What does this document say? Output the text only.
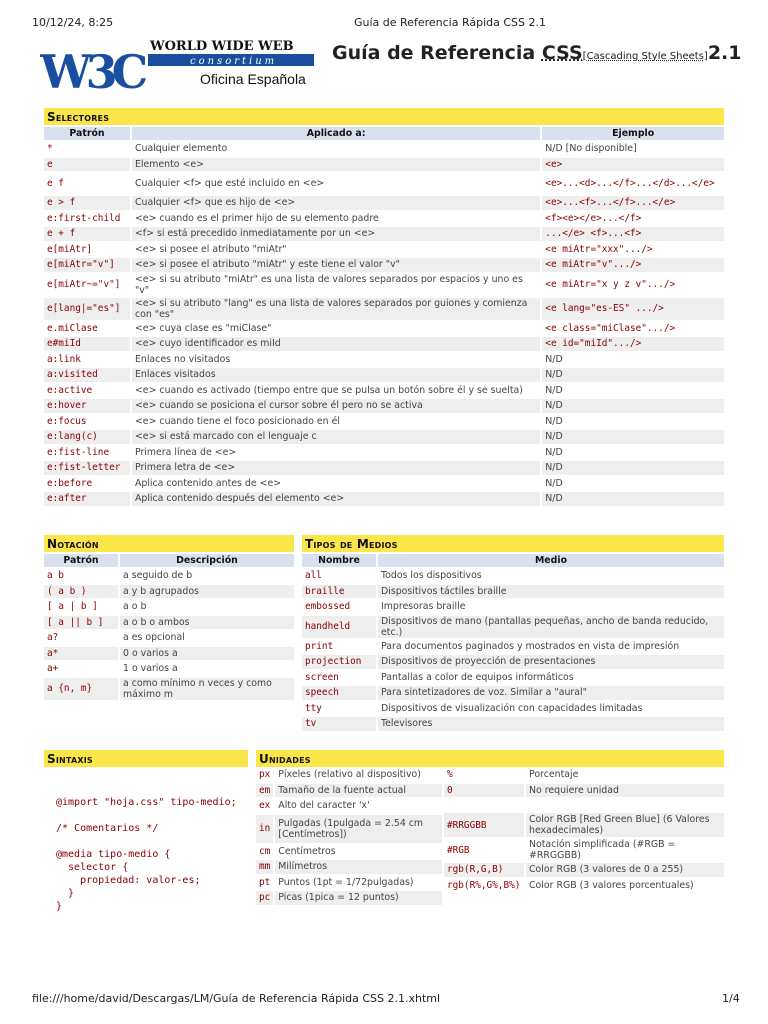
10/12/24, 8:25	Guía de Referencia Rápida CSS 2.1
W3C WORLD WIDE WEB
consortium
Oficina Española
Guía de Referencia CSS[Cascading Style Sheets]2.1
Selectores
Patrón	Aplicado a:	Ejemplo
*	Cualquier elemento	N/D [No disponible]
e	Elemento <e>	<e>
e f	Cualquier <f> que esté incluido en <e>	<e>...<d>...</f>...</d>...</e>
e > f	Cualquier <f> que es hijo de <e>	<e>...<f>...</f>...</e>
e:first-child	<e> cuando es el primer hijo de su elemento padre	<f><e></e>...</f>
e + f	<f> si está precedido inmediatamente por un <e>	...</e> <f>...<f>
e[miAtr]	<e> si posee el atributo "miAtr"	<e miAtr="xxx".../>
e[miAtr="v"]	<e> si posee el atributo "miAtr" y este tiene el valor "v"	<e miAtr="v".../>
e[miAtr~="v"]	<e> si su atributo "miAtr" es una lista de valores separados por espacios y uno es "v"	<e miAtr="x y z v".../>
e[lang|="es"]	<e> si su atributo "lang" es una lista de valores separados por guiones y comienza con "es"	<e lang="es-ES" .../>
e.miClase	<e> cuya clase es "miClase"	<e class="miClase".../>
e#miId	<e> cuyo identificador es miId	<e id="miId".../>
a:link	Enlaces no visitados	N/D
a:visited	Enlaces visitados	N/D
e:active	<e> cuando es activado (tiempo entre que se pulsa un botón sobre él y se suelta)	N/D
e:hover	<e> cuando se posiciona el cursor sobre él pero no se activa	N/D
e:focus	<e> cuando tiene el foco posicionado en él	N/D
e:lang(c)	<e> si está marcado con el lenguaje c	N/D
e:fist-line	Primera línea de <e>	N/D
e:fist-letter	Primera letra de <e>	N/D
e:before	Aplica contenido antes de <e>	N/D
e:after	Aplica contenido después del elemento <e>	N/D
Notación
Patrón	Descripción
a b	a seguido de b
( a b )	a y b agrupados
[ a | b ]	a o b
[ a || b ]	a o b o ambos
a?	a es opcional
a*	0 o varios a
a+	1 o varios a
a {n, m}	a como mínimo n veces y como máximo m
Tipos de Medios
Nombre	Medio
all	Todos los dispositivos
braille	Dispositivos táctiles braille
embossed	Impresoras braille
handheld	Dispositivos de mano (pantallas pequeñas, ancho de banda reducido, etc.)
print	Para documentos paginados y mostrados en vista de impresión
projection	Dispositivos de proyección de presentaciones
screen	Pantallas a color de equipos informáticos
speech	Para sintetizadores de voz. Similar a "aural"
tty	Dispositivos de visualización con capacidades limitadas
tv	Televisores
Sintaxis
@import "hoja.css" tipo-medio;

/* Comentarios */

@media tipo-medio {
selector {
propiedad: valor-es;
}
}
Unidades
px	Píxeles (relativo al dispositivo)
em	Tamaño de la fuente actual
ex	Alto del caracter 'x'
in	Pulgadas (1pulgada = 2.54 cm [Centímetros])
cm	Centímetros
mm	Milímetros
pt	Puntos (1pt = 1/72pulgadas)
pc	Picas (1pica = 12 puntos)
%	Porcentaje
0	No requiere unidad

#RRGGBB	Color RGB [Red Green Blue] (6 Valores hexadecimales)
#RGB	Notación simplificada (#RGB = #RRGGBB)
rgb(R,G,B)	Color RGB (3 valores de 0 a 255)
rgb(R%,G%,B%)	Color RGB (3 valores porcentuales)
file:///home/david/Descargas/LM/Guía de Referencia Rápida CSS 2.1.xhtml	1/4
